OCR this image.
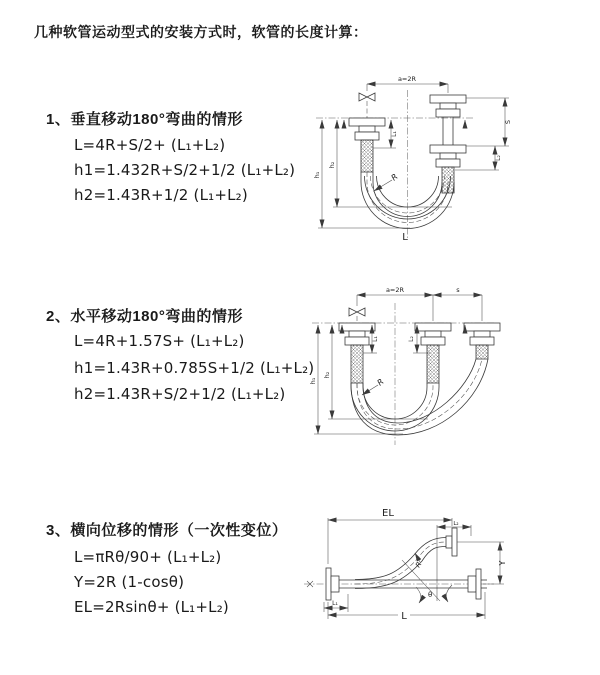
几种软管运动型式的安装方式时，软管的长度计算：
1、垂直移动180°弯曲的情形
L=4R+S/2+ (L₁+L₂)
h1=1.432R+S/2+1/2 (L₁+L₂)
h2=1.43R+1/2 (L₁+L₂)
2、水平移动180°弯曲的情形
L=4R+1.57S+ (L₁+L₂)
h1=1.43R+0.785S+1/2 (L₁+L₂)
h2=1.43R+S/2+1/2 (L₁+L₂)
3、横向位移的情形（一次性变位）
L=πRθ/90+ (L₁+L₂)
Y=2R (1-cosθ)
EL=2Rsinθ+ (L₁+L₂)
a=2R
h₁
h₂
L₁
S
L₂
R
L
a=2R	s
h₁
h₂
L₁	L₂
R
EL
L₂
Y
θ
R
L₁
L
